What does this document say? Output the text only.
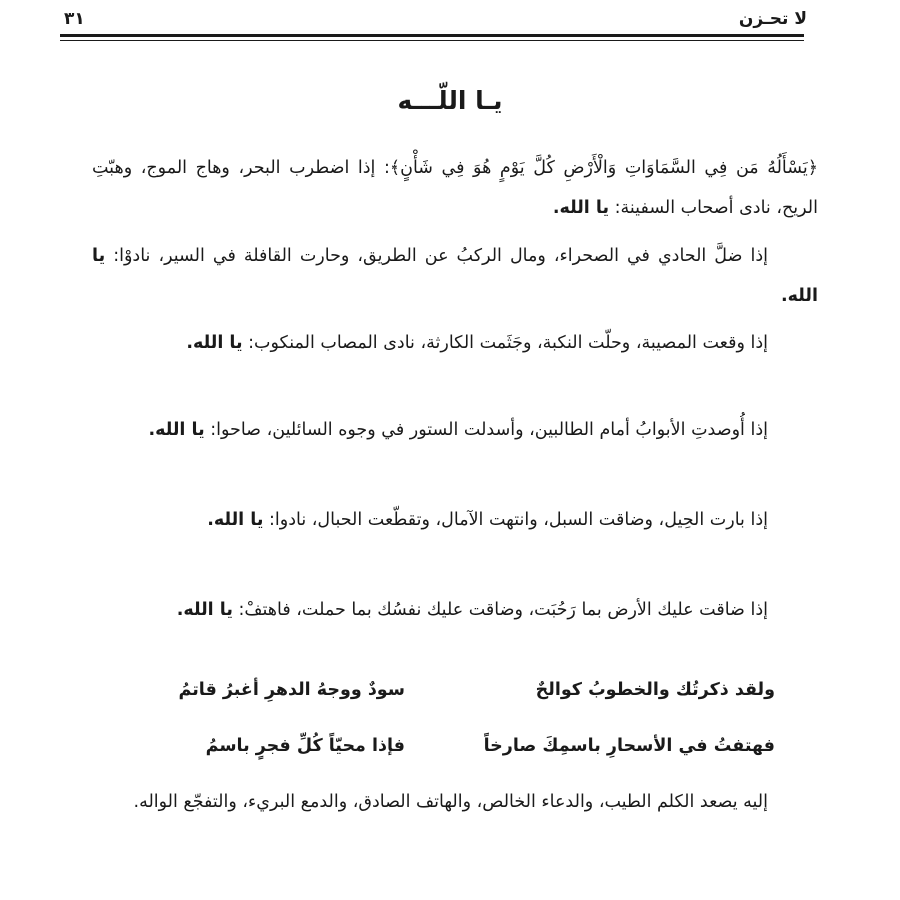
لا تحـزن
٣١
يـا اللّـــه
﴿يَسْأَلُهُ مَن فِي السَّمَاوَاتِ وَالْأَرْضِ كُلَّ يَوْمٍ هُوَ فِي شَأْنٍ﴾: إذا اضطرب البحر، وهاج الموج، وهبّتِ الريح، نادى أصحاب السفينة: يا الله.
إذا ضلَّ الحادي في الصحراء، ومال الركبُ عن الطريق، وحارت القافلة في السير، نادوْا: يا الله.
إذا وقعت المصيبة، وحلّت النكبة، وجَثَمت الكارثة، نادى المصاب المنكوب: يا الله.
إذا أُوصدتِ الأبوابُ أمام الطالبين، وأسدلت الستور في وجوه السائلين، صاحوا: يا الله.
إذا بارت الحِيل، وضاقت السبل، وانتهت الآمال، وتقطّعت الحبال، نادوا: يا الله.
إذا ضاقت عليك الأرض بما رَحُبَت، وضاقت عليك نفسُك بما حملت، فاهتفْ: يا الله.
ولقد ذكرتُك والخطوبُ كوالحٌ
سودٌ ووجهُ الدهرِ أغبرُ قاتمُ
فهتفتُ في الأسحارِ باسمِكَ صارخاً
فإذا محيّاً كُلِّ فجرٍ باسمُ
إليه يصعد الكلم الطيب، والدعاء الخالص، والهاتف الصادق، والدمع البريء، والتفجّع الواله.
